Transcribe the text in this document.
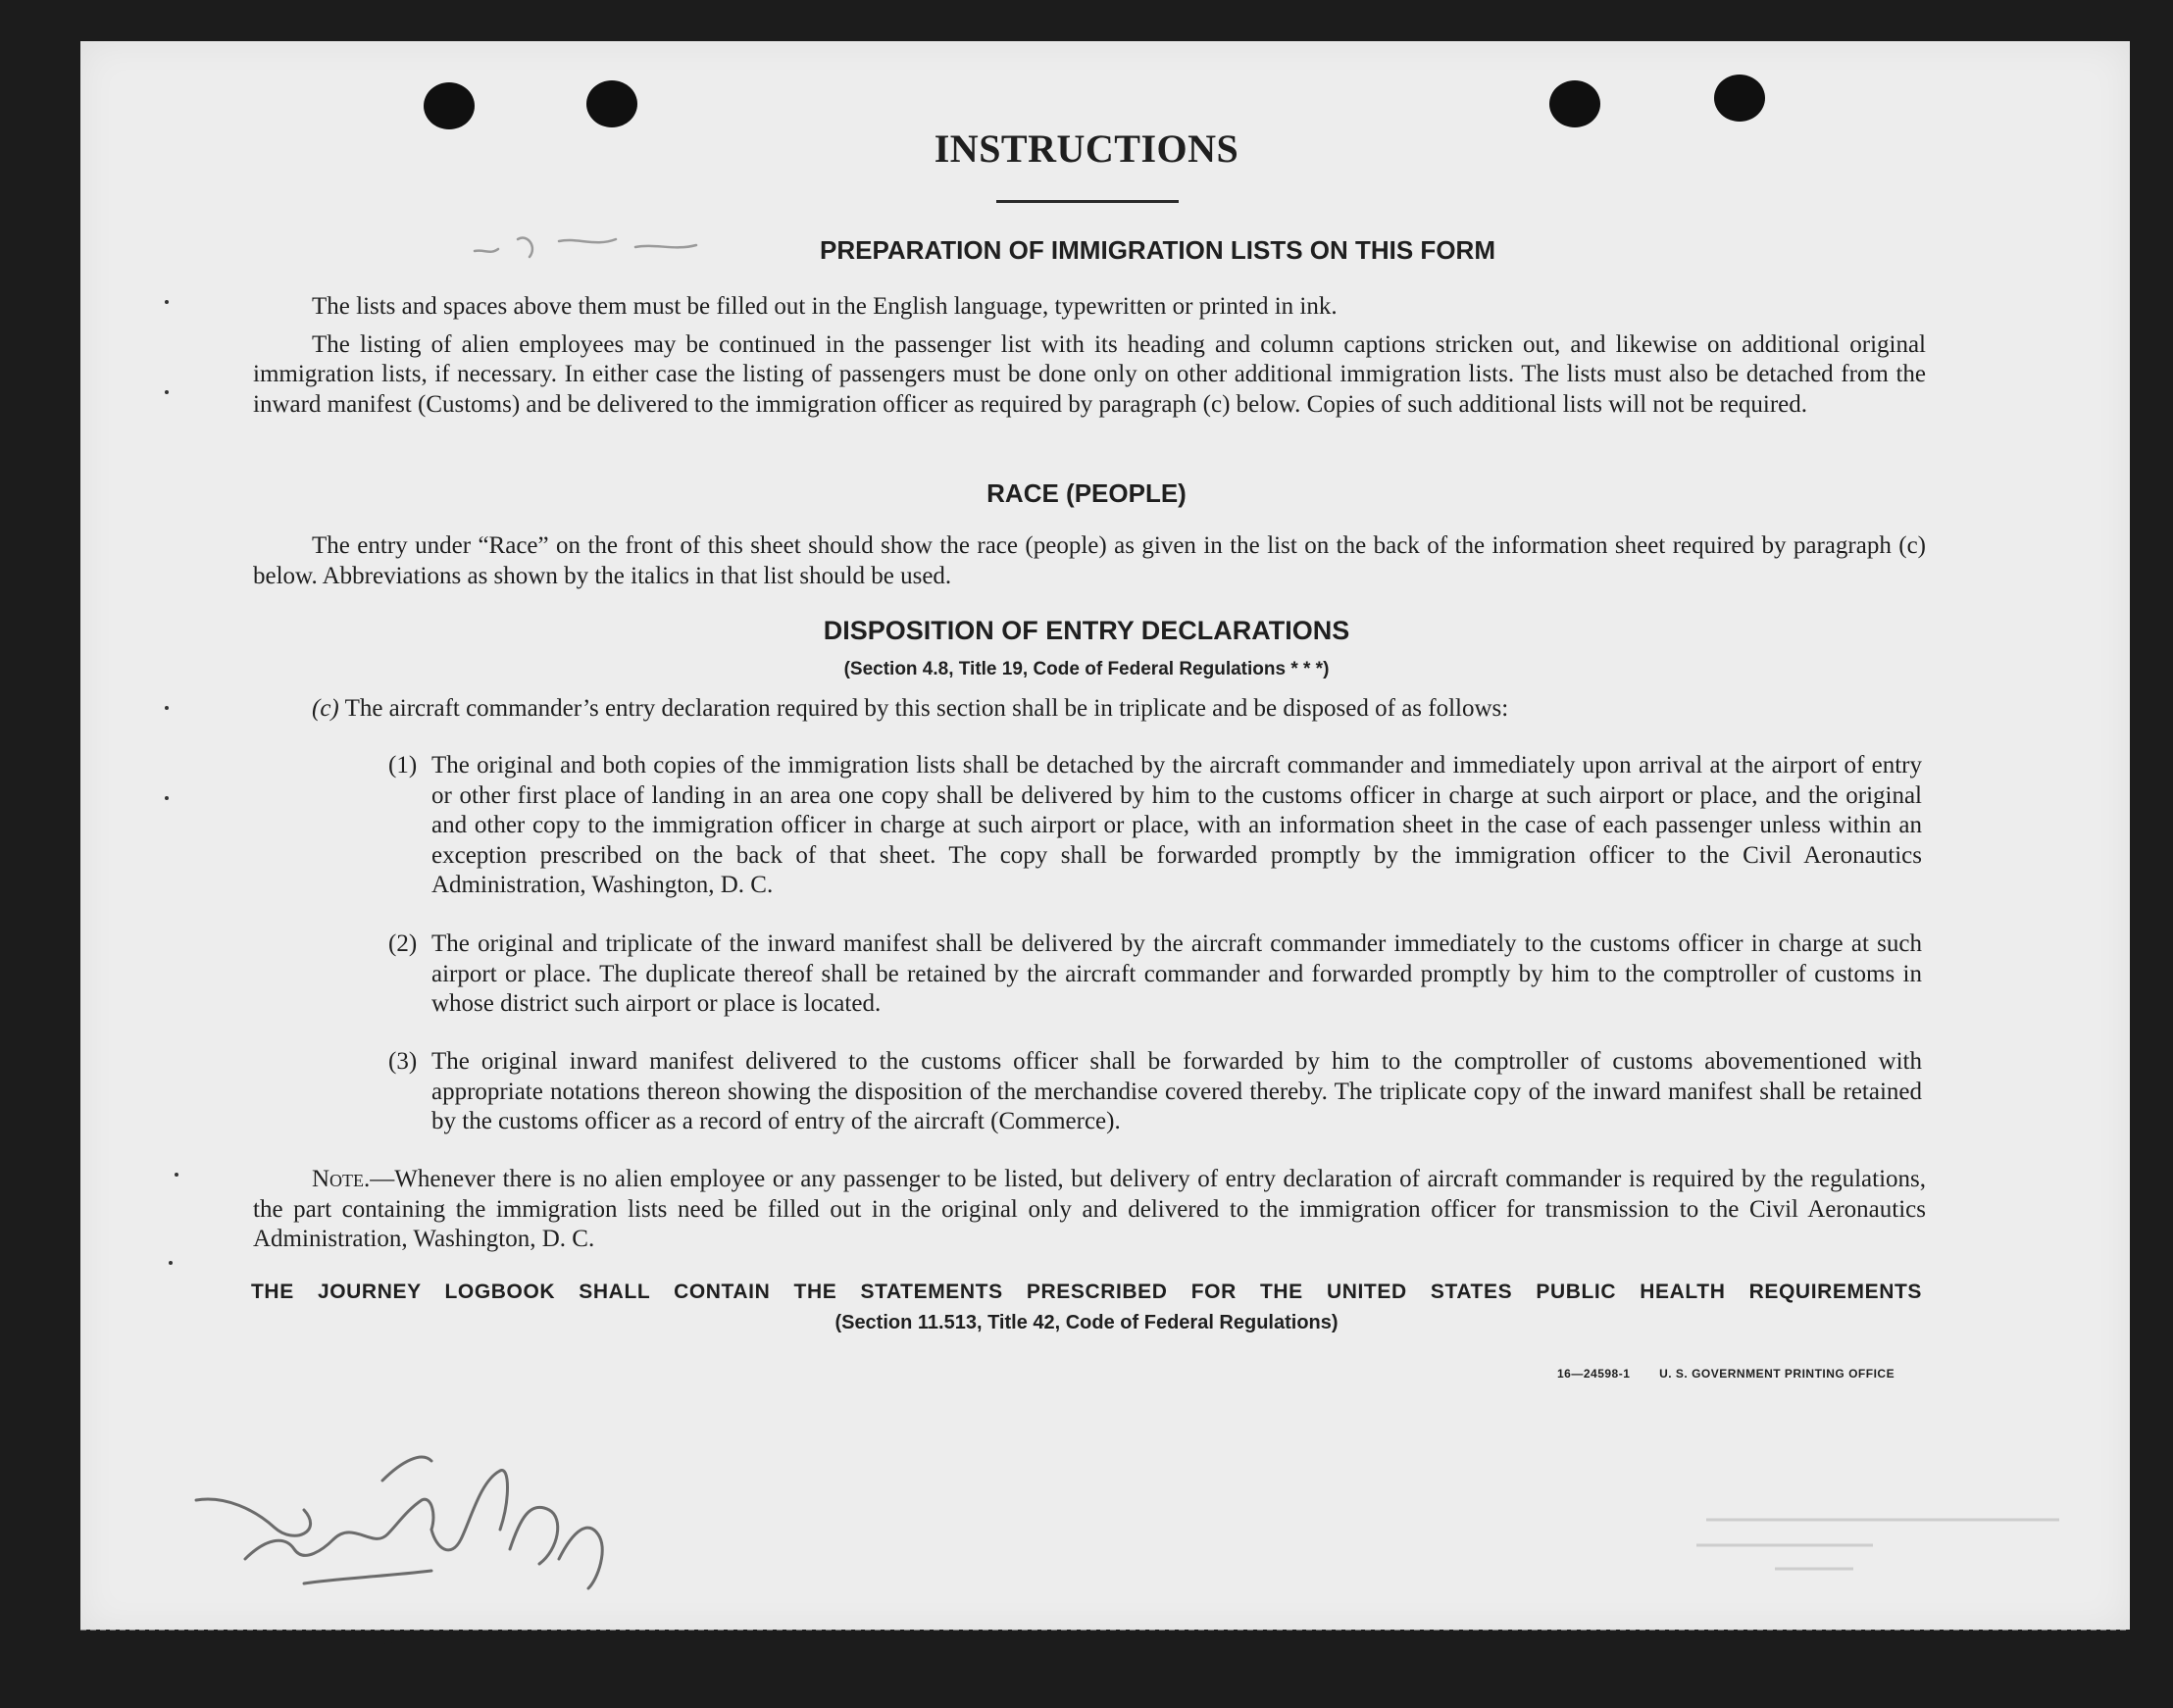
INSTRUCTIONS
PREPARATION OF IMMIGRATION LISTS ON THIS FORM

The lists and spaces above them must be filled out in the English language, typewritten or printed in ink.

The listing of alien employees may be continued in the passenger list with its heading and column captions stricken out, and likewise on additional original immigration lists, if necessary. In either case the listing of passengers must be done only on other additional immigration lists. The lists must also be detached from the inward manifest (Customs) and be delivered to the immigration officer as required by paragraph (c) below. Copies of such additional lists will not be required.

RACE (PEOPLE)

The entry under “Race” on the front of this sheet should show the race (people) as given in the list on the back of the information sheet required by paragraph (c) below. Abbreviations as shown by the italics in that list should be used.

DISPOSITION OF ENTRY DECLARATIONS
(Section 4.8, Title 19, Code of Federal Regulations * * *)

(c) The aircraft commander’s entry declaration required by this section shall be in triplicate and be disposed of as follows:

(1) The original and both copies of the immigration lists shall be detached by the aircraft commander and immediately upon arrival at the airport of entry or other first place of landing in an area one copy shall be delivered by him to the customs officer in charge at such airport or place, and the original and other copy to the immigration officer in charge at such airport or place, with an information sheet in the case of each passenger unless within an exception prescribed on the back of that sheet. The copy shall be forwarded promptly by the immigration officer to the Civil Aeronautics Administration, Washington, D. C.

(2) The original and triplicate of the inward manifest shall be delivered by the aircraft commander immediately to the customs officer in charge at such airport or place. The duplicate thereof shall be retained by the aircraft commander and forwarded promptly by him to the comptroller of customs in whose district such airport or place is located.

(3) The original inward manifest delivered to the customs officer shall be forwarded by him to the comptroller of customs abovementioned with appropriate notations thereon showing the disposition of the merchandise covered thereby. The triplicate copy of the inward manifest shall be retained by the customs officer as a record of entry of the aircraft (Commerce).

Note.—Whenever there is no alien employee or any passenger to be listed, but delivery of entry declaration of aircraft commander is required by the regulations, the part containing the immigration lists need be filled out in the original only and delivered to the immigration officer for transmission to the Civil Aeronautics Administration, Washington, D. C.

THE JOURNEY LOGBOOK SHALL CONTAIN THE STATEMENTS PRESCRIBED FOR THE UNITED STATES PUBLIC HEALTH REQUIREMENTS
(Section 11.513, Title 42, Code of Federal Regulations)
16—24598-1 U. S. GOVERNMENT PRINTING OFFICE
